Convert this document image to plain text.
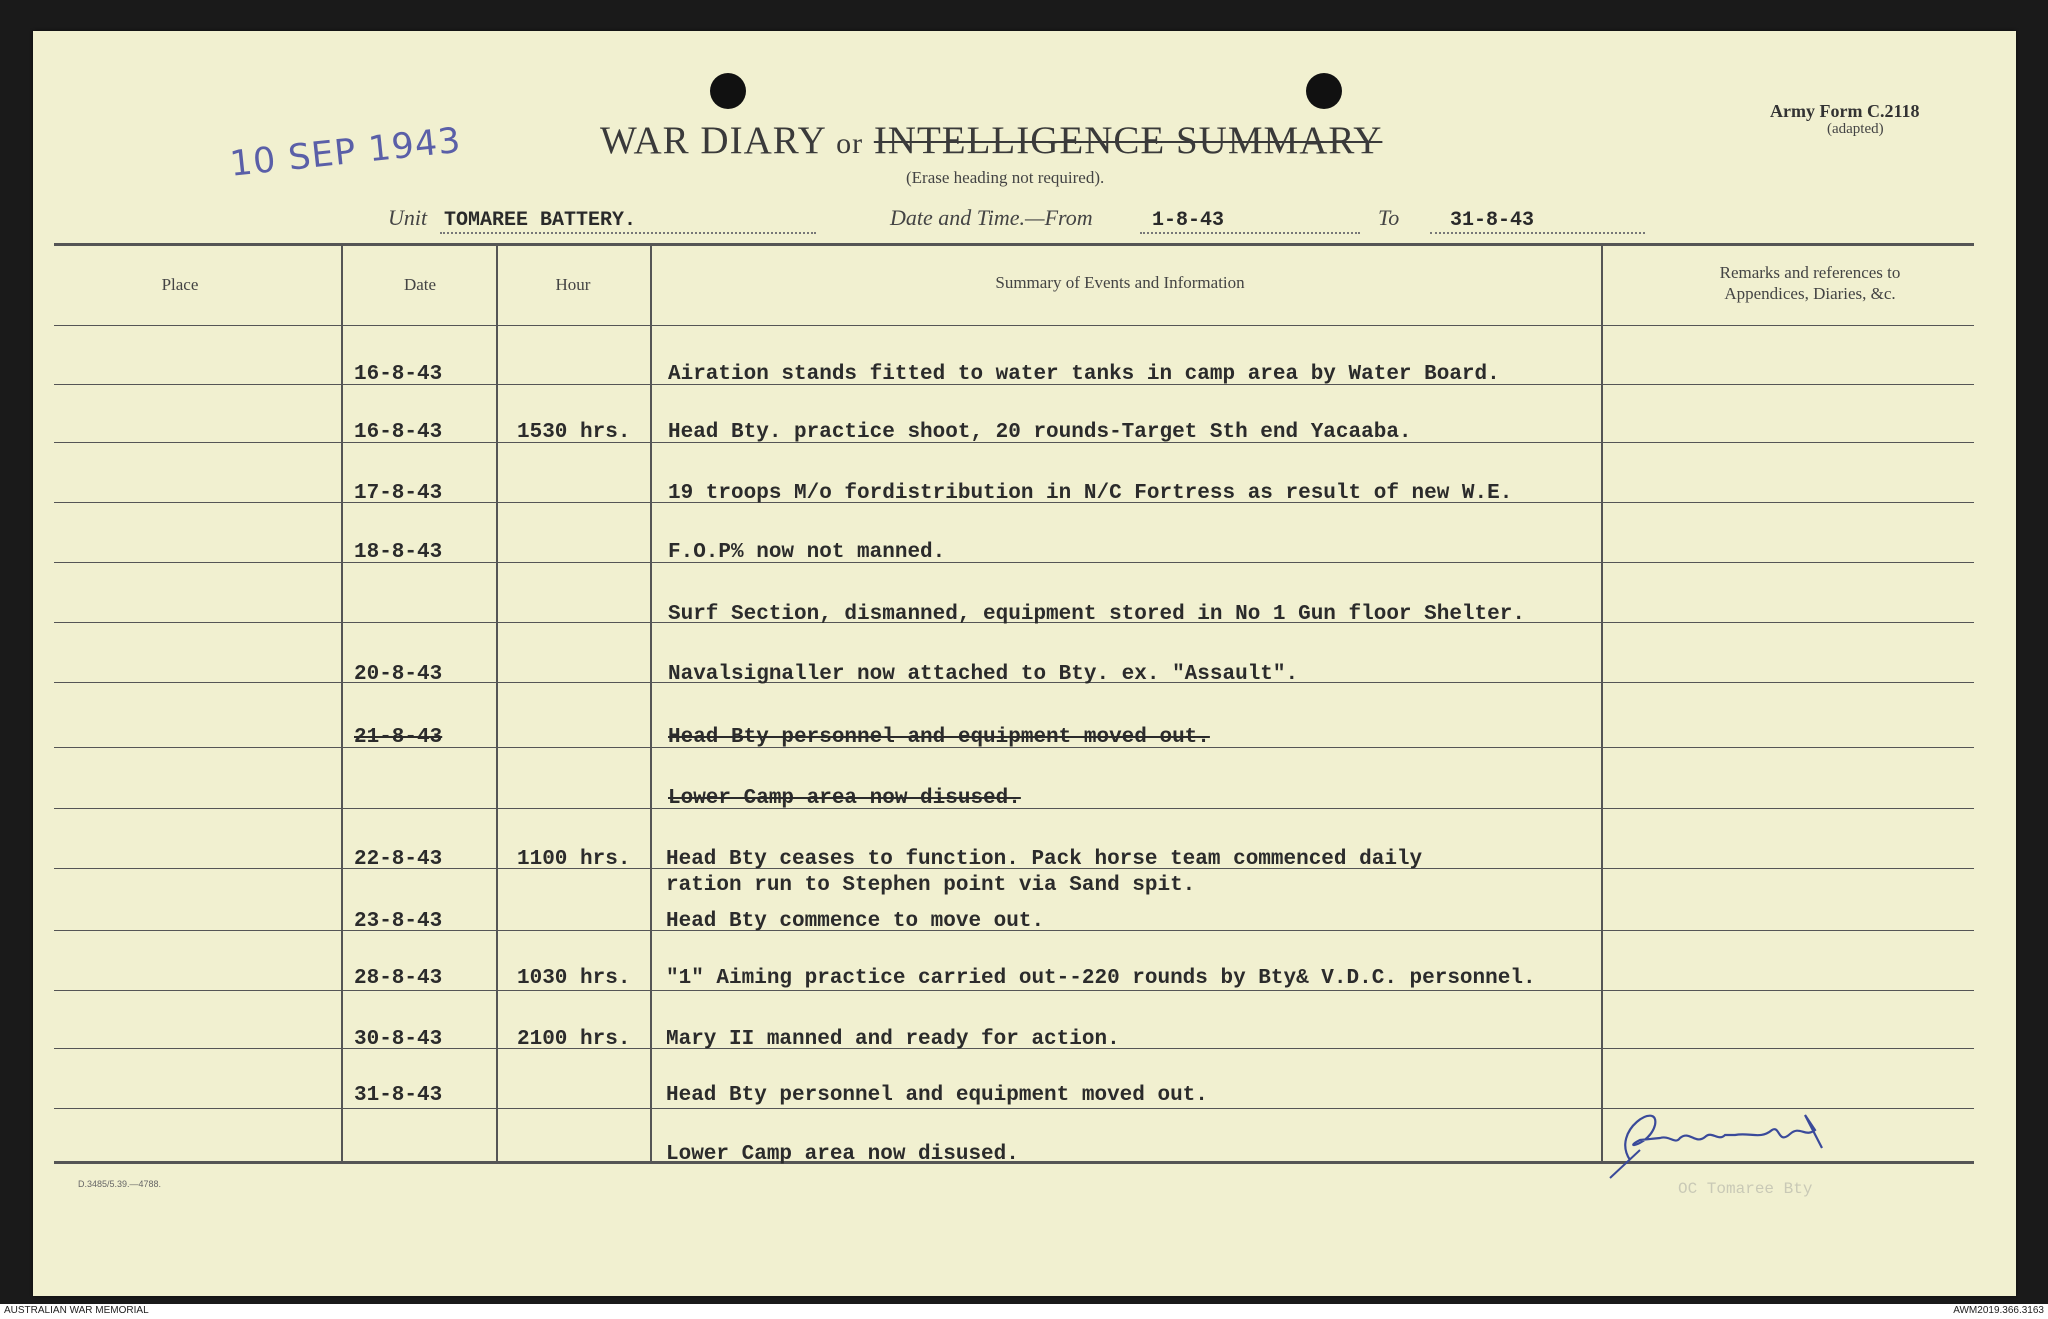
WAR DIARY or INTELLIGENCE SUMMARY
(Erase heading not required).
Army Form C.2118
(adapted)
10 SEP 1943
Unit TOMAREE BATTERY.	Date and Time.—From	1-8-43	To	31-8-43
Place	Date	Hour	Summary of Events and Information
Remarks and references to
Appendices, Diaries, &c.
16-8-43	Airation stands fitted to water tanks in camp area by Water Board.
16-8-43	1530 hrs. Head Bty. practice shoot, 20 rounds-Target Sth end Yacaaba.
17-8-43	19 troops M/o fordistribution in N/C Fortress as result of new W.E.
18-8-43	F.O.P% now not manned.
Surf Section, dismanned, equipment stored in No 1 Gun floor Shelter.
20-8-43	Navalsignaller now attached to Bty. ex. "Assault".
21-8-43	Head Bty personnel and equipment moved out.
Lower Camp area now disused.
22-8-43	1100 hrs. Head Bty ceases to function. Pack horse team commenced daily
ration run to Stephen point via Sand spit.
23-8-43	Head Bty commence to move out.
28-8-43	1030 hrs. "1" Aiming practice carried out--220 rounds by Bty& V.D.C. personnel.
30-8-43	2100 hrs. Mary II manned and ready for action.
31-8-43	Head Bty personnel and equipment moved out.
Lower Camp area now disused.
OC Tomaree Bty
D.3485/5.39.—4788.
AUSTRALIAN WAR MEMORIAL	AWM2019.366.3163
